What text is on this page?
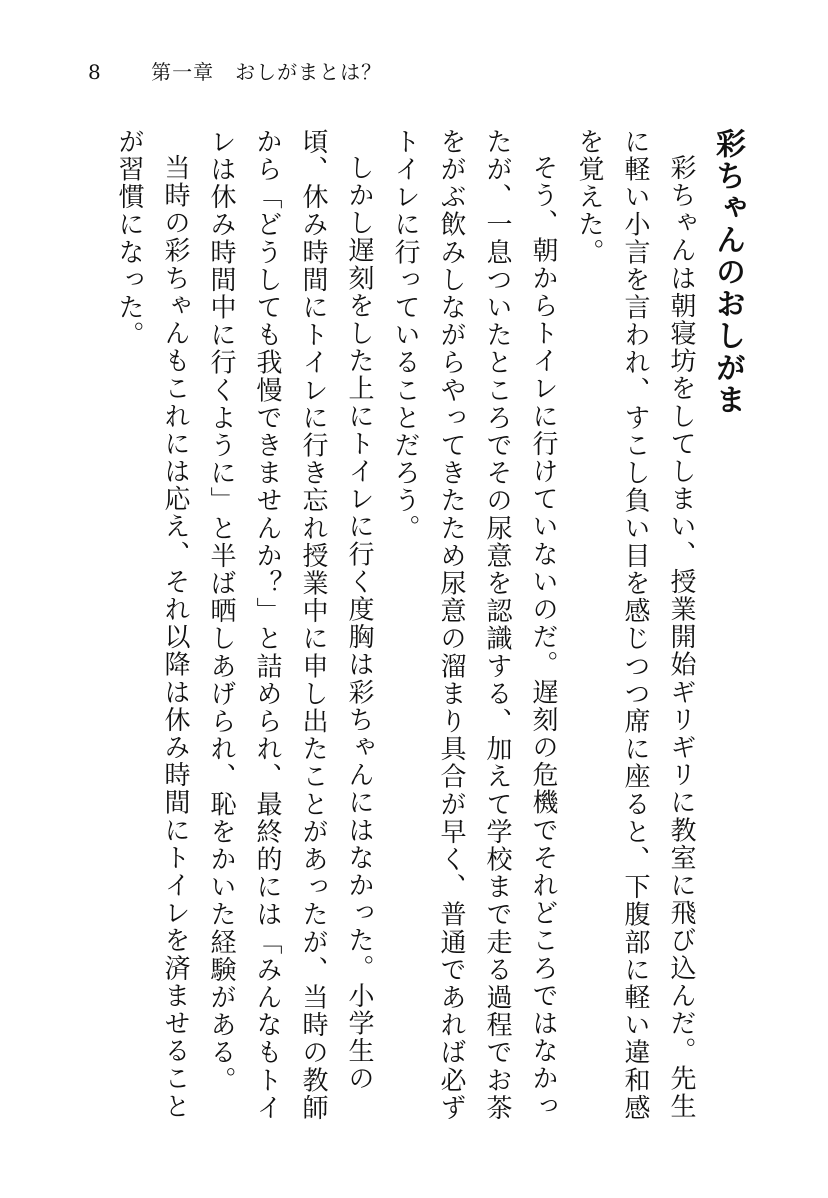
8 第一章　おしがまとは？
彩ちゃんのおしがま

彩ちゃんは朝寝坊をしてしまい、授業開始ギリギリに教室に飛び込んだ。先生に軽い小言を言われ、すこし負い目を感じつつ席に座ると、下腹部に軽い違和感を覚えた。

そう、朝からトイレに行けていないのだ。遅刻の危機でそれどころではなかったが、一息ついたところでその尿意を認識する、加えて学校まで走る過程でお茶をがぶ飲みしながらやってきたため尿意の溜まり具合が早く、普通であれば必ずトイレに行っていることだろう。

しかし遅刻をした上にトイレに行く度胸は彩ちゃんにはなかった。小学生の頃、休み時間にトイレに行き忘れ授業中に申し出たことがあったが、当時の教師から「どうしても我慢できませんか？」と詰められ、最終的には「みんなもトイレは休み時間中に行くように」と半ば晒しあげられ、恥をかいた経験がある。

当時の彩ちゃんもこれには応え、それ以降は休み時間にトイレを済ませることが習慣になった。
